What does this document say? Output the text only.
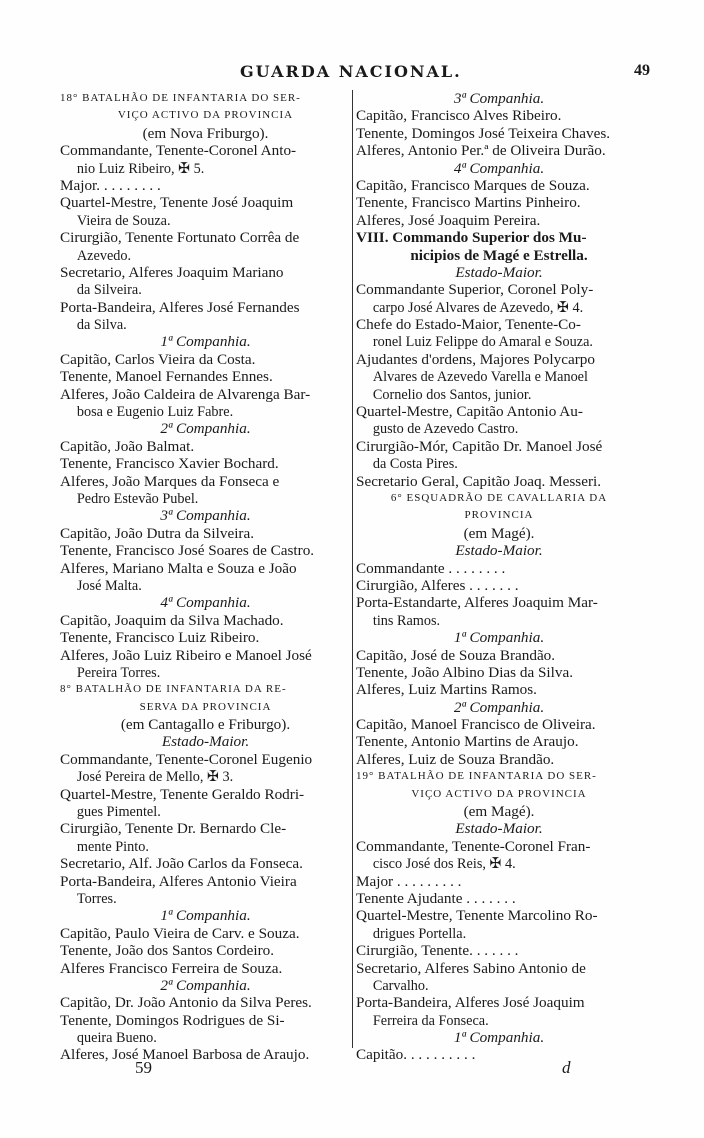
GUARDA NACIONAL.	49
18° BATALHÃO DE INFANTARIA DO SER-
VIÇO ACTIVO DA PROVINCIA
(em Nova Friburgo).
Commandante, Tenente-Coronel Anto-
nio Luiz Ribeiro, ✠ 5.
Major. . . . . . . . .
Quartel-Mestre, Tenente José Joaquim
Vieira de Souza.
Cirurgião, Tenente Fortunato Corrêa de
Azevedo.
Secretario, Alferes Joaquim Mariano
da Silveira.
Porta-Bandeira, Alferes José Fernandes
da Silva.
1ª Companhia.
Capitão, Carlos Vieira da Costa.
Tenente, Manoel Fernandes Ennes.
Alferes, João Caldeira de Alvarenga Bar-
bosa e Eugenio Luiz Fabre.
2ª Companhia.
Capitão, João Balmat.
Tenente, Francisco Xavier Bochard.
Alferes, João Marques da Fonseca e
Pedro Estevão Pubel.
3ª Companhia.
Capitão, João Dutra da Silveira.
Tenente, Francisco José Soares de Castro.
Alferes, Mariano Malta e Souza e João
José Malta.
4ª Companhia.
Capitão, Joaquim da Silva Machado.
Tenente, Francisco Luiz Ribeiro.
Alferes, João Luiz Ribeiro e Manoel José
Pereira Torres.
8° BATALHÃO DE INFANTARIA DA RE-
SERVA DA PROVINCIA
(em Cantagallo e Friburgo).
Estado-Maior.
Commandante, Tenente-Coronel Eugenio
José Pereira de Mello, ✠ 3.
Quartel-Mestre, Tenente Geraldo Rodri-
gues Pimentel.
Cirurgião, Tenente Dr. Bernardo Cle-
mente Pinto.
Secretario, Alf. João Carlos da Fonseca.
Porta-Bandeira, Alferes Antonio Vieira
Torres.
1ª Companhia.
Capitão, Paulo Vieira de Carv. e Souza.
Tenente, João dos Santos Cordeiro.
Alferes Francisco Ferreira de Souza.
2ª Companhia.
Capitão, Dr. João Antonio da Silva Peres.
Tenente, Domingos Rodrigues de Si-
queira Bueno.
Alferes, José Manoel Barbosa de Araujo.
3ª Companhia.
Capitão, Francisco Alves Ribeiro.
Tenente, Domingos José Teixeira Chaves.
Alferes, Antonio Per.ª de Oliveira Durão.
4ª Companhia.
Capitão, Francisco Marques de Souza.
Tenente, Francisco Martins Pinheiro.
Alferes, José Joaquim Pereira.
VIII. Commando Superior dos Mu-
nicipios de Magé e Estrella.
Estado-Maior.
Commandante Superior, Coronel Poly-
carpo José Alvares de Azevedo, ✠ 4.
Chefe do Estado-Maior, Tenente-Co-
ronel Luiz Felippe do Amaral e Souza.
Ajudantes d'ordens, Majores Polycarpo
Alvares de Azevedo Varella e Manoel
Cornelio dos Santos, junior.
Quartel-Mestre, Capitão Antonio Au-
gusto de Azevedo Castro.
Cirurgião-Mór, Capitão Dr. Manoel José
da Costa Pires.
Secretario Geral, Capitão Joaq. Messeri.
6° ESQUADRÃO DE CAVALLARIA DA
PROVINCIA
(em Magé).
Estado-Maior.
Commandante . . . . . . . .
Cirurgião, Alferes . . . . . . .
Porta-Estandarte, Alferes Joaquim Mar-
tins Ramos.
1ª Companhia.
Capitão, José de Souza Brandão.
Tenente, João Albino Dias da Silva.
Alferes, Luiz Martins Ramos.
2ª Companhia.
Capitão, Manoel Francisco de Oliveira.
Tenente, Antonio Martins de Araujo.
Alferes, Luiz de Souza Brandão.
19° BATALHÃO DE INFANTARIA DO SER-
VIÇO ACTIVO DA PROVINCIA
(em Magé).
Estado-Maior.
Commandante, Tenente-Coronel Fran-
cisco José dos Reis, ✠ 4.
Major . . . . . . . . .
Tenente Ajudante . . . . . . .
Quartel-Mestre, Tenente Marcolino Ro-
drigues Portella.
Cirurgião, Tenente. . . . . . .
Secretario, Alferes Sabino Antonio de
Carvalho.
Porta-Bandeira, Alferes José Joaquim
Ferreira da Fonseca.
1ª Companhia.
Capitão. . . . . . . . . .
59	d
